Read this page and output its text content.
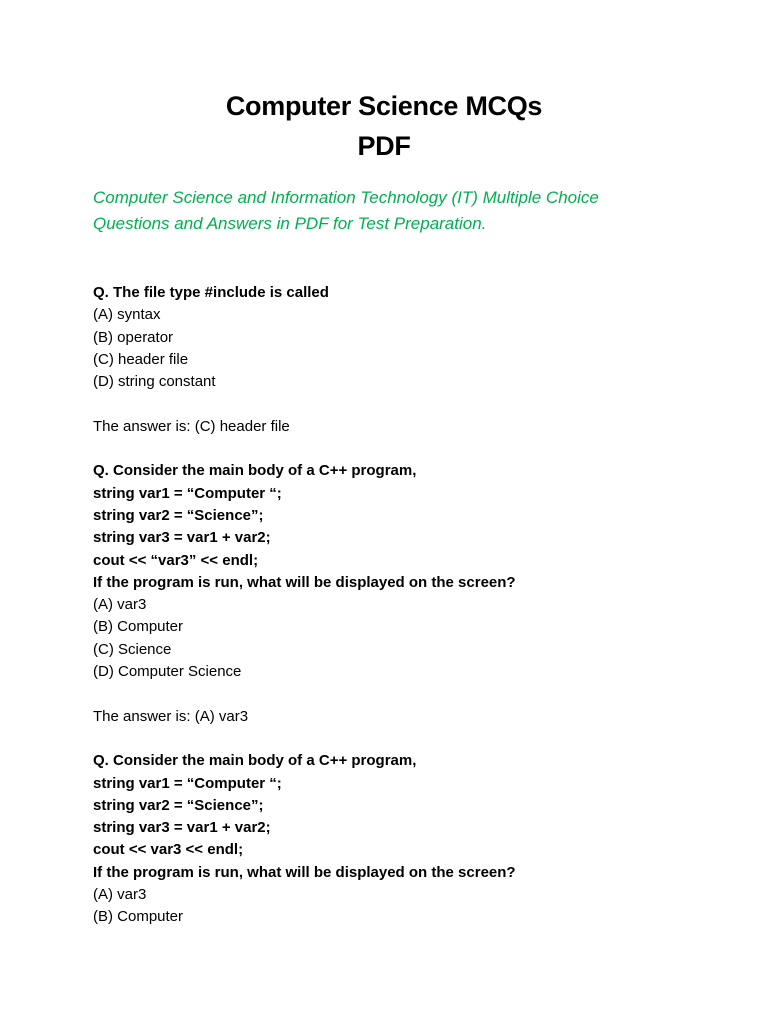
Computer Science MCQs
PDF
Computer Science and Information Technology (IT) Multiple Choice
Questions and Answers in PDF for Test Preparation.
Q. The file type #include is called
(A) syntax
(B) operator
(C) header file
(D) string constant
The answer is: (C) header file
Q. Consider the main body of a C++ program,
string var1 = “Computer “;
string var2 = “Science”;
string var3 = var1 + var2;
cout << “var3” << endl;
If the program is run, what will be displayed on the screen?
(A) var3
(B) Computer
(C) Science
(D) Computer Science
The answer is: (A) var3
Q. Consider the main body of a C++ program,
string var1 = “Computer “;
string var2 = “Science”;
string var3 = var1 + var2;
cout << var3 << endl;
If the program is run, what will be displayed on the screen?
(A) var3
(B) Computer
